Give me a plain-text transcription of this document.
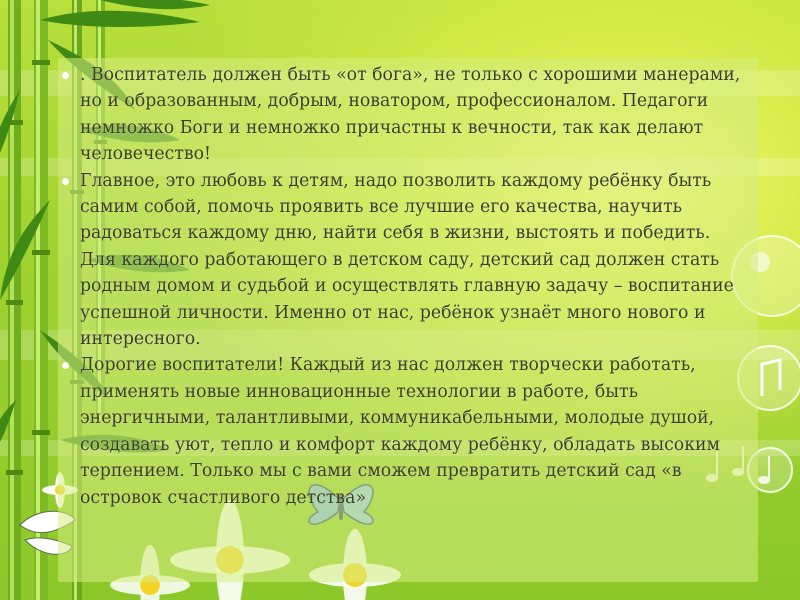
. Воспитатель должен быть «от бога», не только с хорошими манерами, но и образованным, добрым, новатором, профессионалом. Педагоги немножко Боги и немножко причастны к вечности, так как делают человечество!
Главное, это любовь к детям, надо позволить каждому ребёнку быть самим собой, помочь проявить все лучшие его качества, научить радоваться каждому дню, найти себя в жизни, выстоять и победить. Для каждого работающего в детском саду, детский сад должен стать родным домом и судьбой и осуществлять главную задачу – воспитание успешной личности. Именно от нас, ребёнок узнаёт много нового и интересного.
Дорогие воспитатели! Каждый из нас должен творчески работать, применять новые инновационные технологии в работе, быть энергичными, талантливыми, коммуникабельными, молодые душой, создавать уют, тепло и комфорт каждому ребёнку, обладать высоким терпением. Только мы с вами сможем превратить детский сад «в островок счастливого детства»
